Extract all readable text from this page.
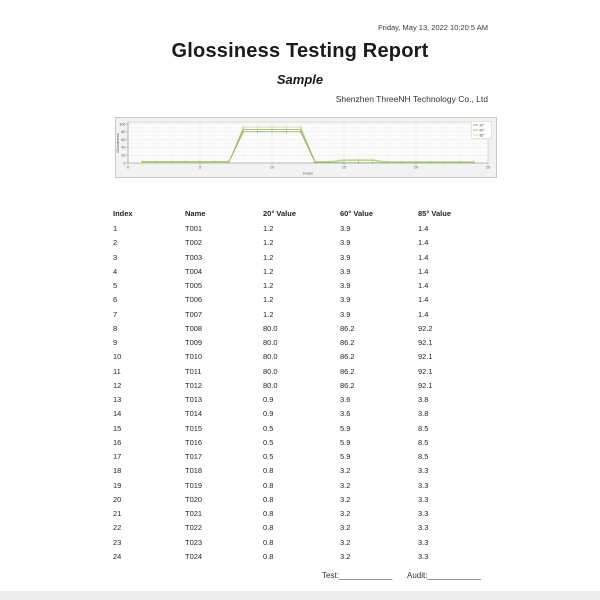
Friday, May 13, 2022 10:20:5 AM
Glossiness Testing Report
Sample
Shenzhen ThreeNH Technology Co., Ltd
0
20
40
60
80
100
0	5	10	15	20	25
Index
Glossiness
20°
60°
85°
Index	Name	20° Value	60° Value	85° Value
1	T001	1.2	3.9	1.4
2	T002	1.2	3.9	1.4
3	T003	1.2	3.9	1.4
4	T004	1.2	3.9	1.4
5	T005	1.2	3.9	1.4
6	T006	1.2	3.9	1.4
7	T007	1.2	3.9	1.4
8	T008	80.0	86.2	92.2
9	T009	80.0	86.2	92.1
10	T010	80.0	86.2	92.1
11	T011	80.0	86.2	92.1
12	T012	80.0	86.2	92.1
13	T013	0.9	3.6	3.8
14	T014	0.9	3.6	3.8
15	T015	0.5	5.9	8.5
16	T016	0.5	5.9	8.5
17	T017	0.5	5.9	8.5
18	T018	0.8	3.2	3.3
19	T019	0.8	3.2	3.3
20	T020	0.8	3.2	3.3
21	T021	0.8	3.2	3.3
22	T022	0.8	3.2	3.3
23	T023	0.8	3.2	3.3
24	T024	0.8	3.2	3.3
Test:____________ Audit:____________
